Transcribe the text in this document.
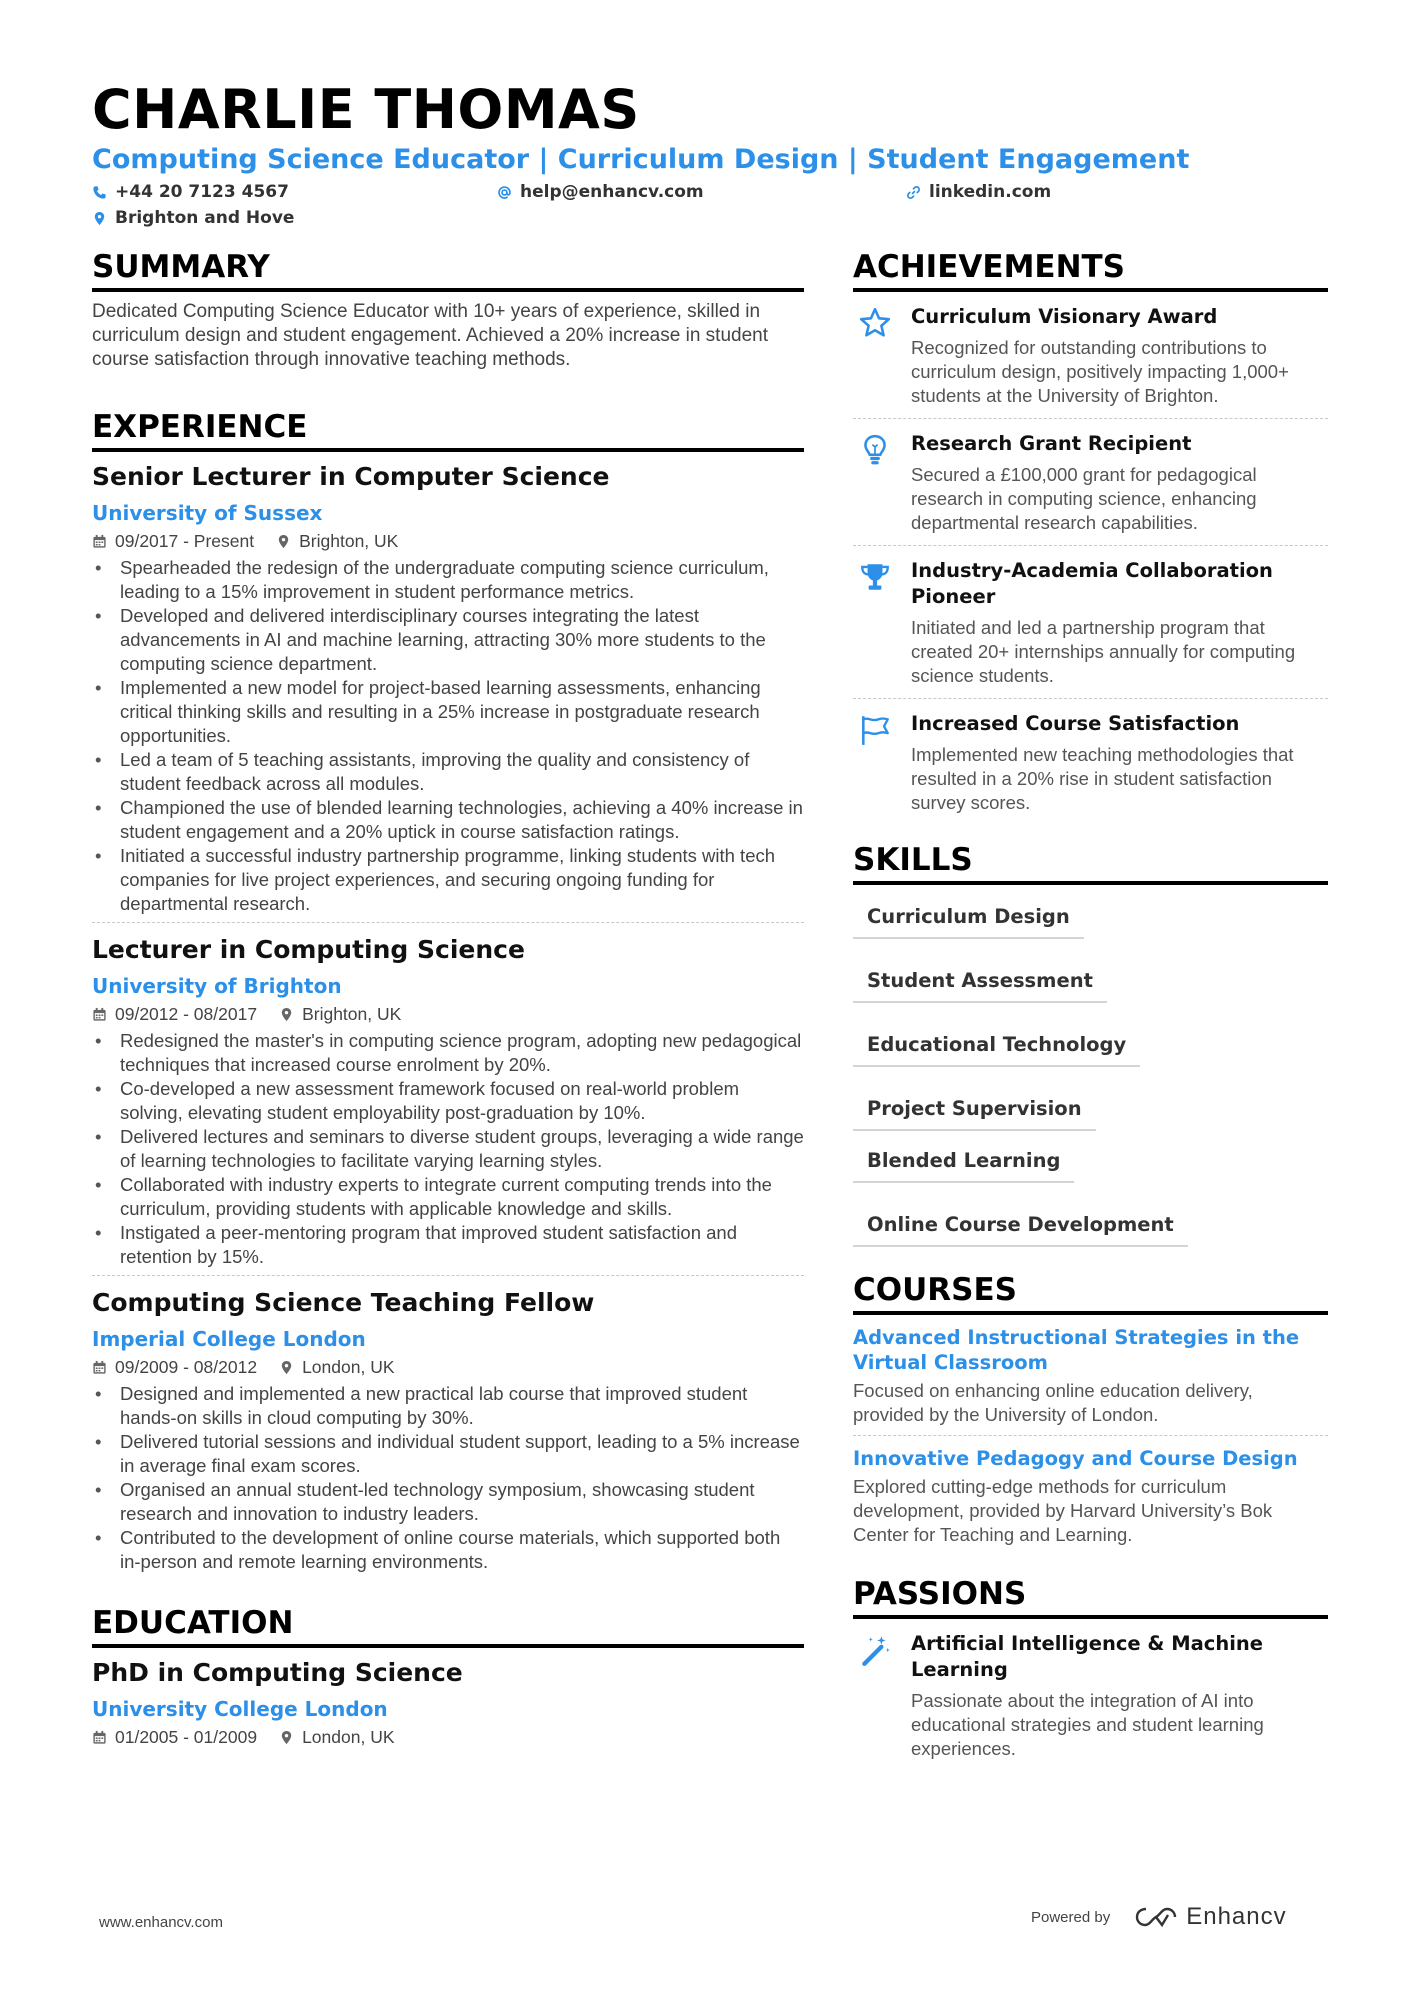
CHARLIE THOMAS
Computing Science Educator | Curriculum Design | Student Engagement
+44 20 7123 4567	help@enhancv.com	linkedin.com
Brighton and Hove
SUMMARY

Dedicated Computing Science Educator with 10+ years of experience, skilled in curriculum design and student engagement. Achieved a 20% increase in student course satisfaction through innovative teaching methods.

EXPERIENCE
Senior Lecturer in Computer Science
University of Sussex
09/2017 - Present	Brighton, UK
• Spearheaded the redesign of the undergraduate computing science curriculum, leading to a 15% improvement in student performance metrics.
• Developed and delivered interdisciplinary courses integrating the latest advancements in AI and machine learning, attracting 30% more students to the computing science department.
• Implemented a new model for project-based learning assessments, enhancing critical thinking skills and resulting in a 25% increase in postgraduate research opportunities.
• Led a team of 5 teaching assistants, improving the quality and consistency of student feedback across all modules.
• Championed the use of blended learning technologies, achieving a 40% increase in student engagement and a 20% uptick in course satisfaction ratings.
• Initiated a successful industry partnership programme, linking students with tech companies for live project experiences, and securing ongoing funding for departmental research.
Lecturer in Computing Science
University of Brighton
09/2012 - 08/2017	Brighton, UK
• Redesigned the master's in computing science program, adopting new pedagogical techniques that increased course enrolment by 20%.
• Co-developed a new assessment framework focused on real-world problem solving, elevating student employability post-graduation by 10%.
• Delivered lectures and seminars to diverse student groups, leveraging a wide range of learning technologies to facilitate varying learning styles.
• Collaborated with industry experts to integrate current computing trends into the curriculum, providing students with applicable knowledge and skills.
• Instigated a peer-mentoring program that improved student satisfaction and retention by 15%.
Computing Science Teaching Fellow
Imperial College London
09/2009 - 08/2012	London, UK
• Designed and implemented a new practical lab course that improved student hands-on skills in cloud computing by 30%.
• Delivered tutorial sessions and individual student support, leading to a 5% increase in average final exam scores.
• Organised an annual student-led technology symposium, showcasing student research and innovation to industry leaders.
• Contributed to the development of online course materials, which supported both in-person and remote learning environments.
EDUCATION
PhD in Computing Science
University College London
01/2005 - 01/2009	London, UK
ACHIEVEMENTS
Curriculum Visionary Award

Recognized for outstanding contributions to curriculum design, positively impacting 1,000+ students at the University of Brighton.

Research Grant Recipient

Secured a £100,000 grant for pedagogical research in computing science, enhancing departmental research capabilities.

Industry-Academia Collaboration Pioneer

Initiated and led a partnership program that created 20+ internships annually for computing science students.

Increased Course Satisfaction

Implemented new teaching methodologies that resulted in a 20% rise in student satisfaction survey scores.

SKILLS
Curriculum Design
Student Assessment
Educational Technology
Project Supervision
Blended Learning
Online Course Development
COURSES
Advanced Instructional Strategies in the Virtual Classroom

Focused on enhancing online education delivery, provided by the University of London.

Innovative Pedagogy and Course Design

Explored cutting-edge methods for curriculum development, provided by Harvard University’s Bok Center for Teaching and Learning.

PASSIONS
Artificial Intelligence & Machine Learning

Passionate about the integration of AI into educational strategies and student learning experiences.

www.enhancv.com	Powered by	Enhancv
